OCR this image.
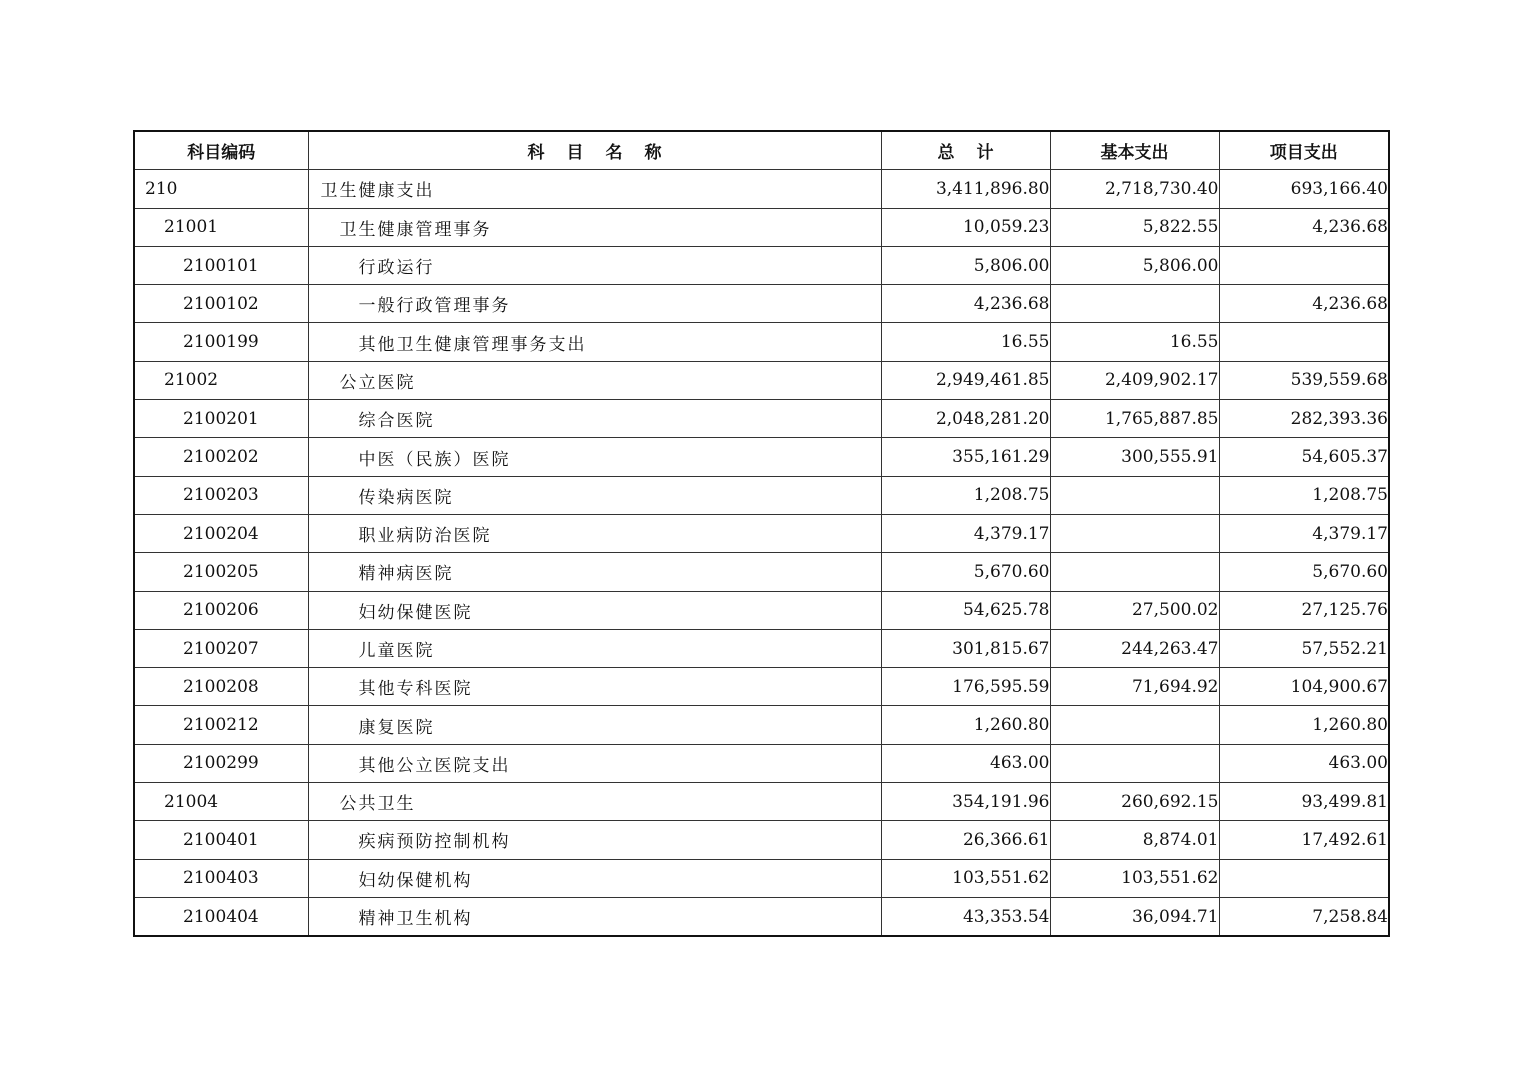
科目编码	科目名称	总计	基本支出	项目支出
210	卫生健康支出	3,411,896.80	2,718,730.40	693,166.40
21001	卫生健康管理事务	10,059.23	5,822.55	4,236.68
2100101	行政运行	5,806.00	5,806.00	
2100102	一般行政管理事务	4,236.68		4,236.68
2100199	其他卫生健康管理事务支出	16.55	16.55	
21002	公立医院	2,949,461.85	2,409,902.17	539,559.68
2100201	综合医院	2,048,281.20	1,765,887.85	282,393.36
2100202	中医（民族）医院	355,161.29	300,555.91	54,605.37
2100203	传染病医院	1,208.75		1,208.75
2100204	职业病防治医院	4,379.17		4,379.17
2100205	精神病医院	5,670.60		5,670.60
2100206	妇幼保健医院	54,625.78	27,500.02	27,125.76
2100207	儿童医院	301,815.67	244,263.47	57,552.21
2100208	其他专科医院	176,595.59	71,694.92	104,900.67
2100212	康复医院	1,260.80		1,260.80
2100299	其他公立医院支出	463.00		463.00
21004	公共卫生	354,191.96	260,692.15	93,499.81
2100401	疾病预防控制机构	26,366.61	8,874.01	17,492.61
2100403	妇幼保健机构	103,551.62	103,551.62	
2100404	精神卫生机构	43,353.54	36,094.71	7,258.84
